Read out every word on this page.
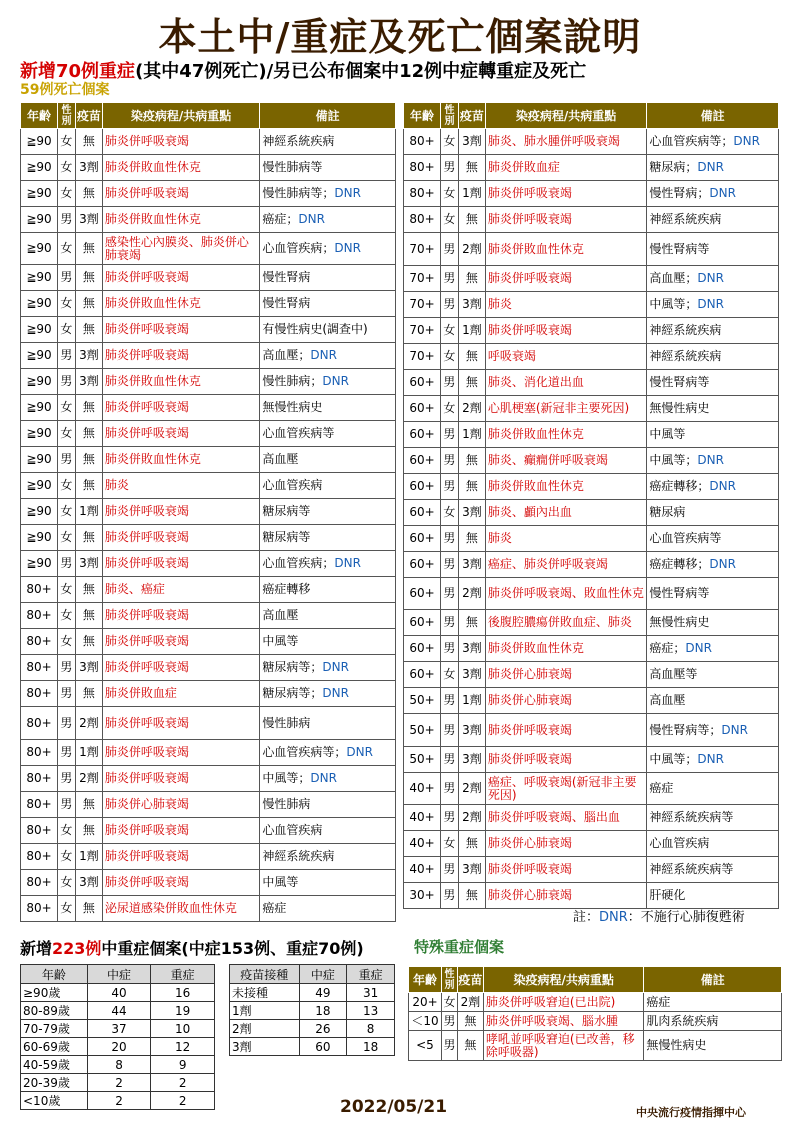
本土中/重症及死亡個案說明
新增70例重症(其中47例死亡)/另已公布個案中12例中症轉重症及死亡
59例死亡個案
年齡	性別	疫苗	染疫病程/共病重點	備註
≧90	女	無	肺炎併呼吸衰竭	神經系統疾病
≧90	女	3劑	肺炎併敗血性休克	慢性肺病等
≧90	女	無	肺炎併呼吸衰竭	慢性肺病等；DNR
≧90	男	3劑	肺炎併敗血性休克	癌症；DNR
≧90	女	無	感染性心內膜炎、肺炎併心肺衰竭	心血管疾病；DNR
≧90	男	無	肺炎併呼吸衰竭	慢性腎病
≧90	女	無	肺炎併敗血性休克	慢性腎病
≧90	女	無	肺炎併呼吸衰竭	有慢性病史(調查中)
≧90	男	3劑	肺炎併呼吸衰竭	高血壓；DNR
≧90	男	3劑	肺炎併敗血性休克	慢性肺病；DNR
≧90	女	無	肺炎併呼吸衰竭	無慢性病史
≧90	女	無	肺炎併呼吸衰竭	心血管疾病等
≧90	男	無	肺炎併敗血性休克	高血壓
≧90	女	無	肺炎	心血管疾病
≧90	女	1劑	肺炎併呼吸衰竭	糖尿病等
≧90	女	無	肺炎併呼吸衰竭	糖尿病等
≧90	男	3劑	肺炎併呼吸衰竭	心血管疾病；DNR
80+	女	無	肺炎、癌症	癌症轉移
80+	女	無	肺炎併呼吸衰竭	高血壓
80+	女	無	肺炎併呼吸衰竭	中風等
80+	男	3劑	肺炎併呼吸衰竭	糖尿病等；DNR
80+	男	無	肺炎併敗血症	糖尿病等；DNR
80+	男	2劑	肺炎併呼吸衰竭	慢性肺病
80+	男	1劑	肺炎併呼吸衰竭	心血管疾病等；DNR
80+	男	2劑	肺炎併呼吸衰竭	中風等；DNR
80+	男	無	肺炎併心肺衰竭	慢性肺病
80+	女	無	肺炎併呼吸衰竭	心血管疾病
80+	女	1劑	肺炎併呼吸衰竭	神經系統疾病
80+	女	3劑	肺炎併呼吸衰竭	中風等
80+	女	無	泌尿道感染併敗血性休克	癌症
年齡	性別	疫苗	染疫病程/共病重點	備註
80+	女	3劑	肺炎、肺水腫併呼吸衰竭	心血管疾病等；DNR
80+	男	無	肺炎併敗血症	糖尿病；DNR
80+	女	1劑	肺炎併呼吸衰竭	慢性腎病；DNR
80+	女	無	肺炎併呼吸衰竭	神經系統疾病
70+	男	2劑	肺炎併敗血性休克	慢性腎病等
70+	男	無	肺炎併呼吸衰竭	高血壓；DNR
70+	男	3劑	肺炎	中風等；DNR
70+	女	1劑	肺炎併呼吸衰竭	神經系統疾病
70+	女	無	呼吸衰竭	神經系統疾病
60+	男	無	肺炎、消化道出血	慢性腎病等
60+	女	2劑	心肌梗塞(新冠非主要死因)	無慢性病史
60+	男	1劑	肺炎併敗血性休克	中風等
60+	男	無	肺炎、癲癇併呼吸衰竭	中風等；DNR
60+	男	無	肺炎併敗血性休克	癌症轉移；DNR
60+	女	3劑	肺炎、顱內出血	糖尿病
60+	男	無	肺炎	心血管疾病等
60+	男	3劑	癌症、肺炎併呼吸衰竭	癌症轉移；DNR
60+	男	2劑	肺炎併呼吸衰竭、敗血性休克	慢性腎病等
60+	男	無	後腹腔膿瘍併敗血症、肺炎	無慢性病史
60+	男	3劑	肺炎併敗血性休克	癌症；DNR
60+	女	3劑	肺炎併心肺衰竭	高血壓等
50+	男	1劑	肺炎併心肺衰竭	高血壓
50+	男	3劑	肺炎併呼吸衰竭	慢性腎病等；DNR
50+	男	3劑	肺炎併呼吸衰竭	中風等；DNR
40+	男	2劑	癌症、呼吸衰竭(新冠非主要死因)	癌症
40+	男	2劑	肺炎併呼吸衰竭、腦出血	神經系統疾病等
40+	女	無	肺炎併心肺衰竭	心血管疾病
40+	男	3劑	肺炎併呼吸衰竭	神經系統疾病等
30+	男	無	肺炎併心肺衰竭	肝硬化
註：DNR：不施行心肺復甦術
新增223例中重症個案(中症153例、重症70例)	特殊重症個案
年齡	中症	重症
≥90歲	40	16
80-89歲	44	19
70-79歲	37	10
60-69歲	20	12
40-59歲	8	9
20-39歲	2	2
<10歲	2	2
疫苗接種	中症	重症
未接種	49	31
1劑	18	13
2劑	26	8
3劑	60	18
年齡	性別	疫苗	染疫病程/共病重點	備註
20+	女	2劑	肺炎併呼吸窘迫(已出院)	癌症
＜10	男	無	肺炎併呼吸衰竭、腦水腫	肌肉系統疾病
<5	男	無	哮吼並呼吸窘迫(已改善，移除呼吸器)	無慢性病史
2022/05/21	中央流行疫情指揮中心
